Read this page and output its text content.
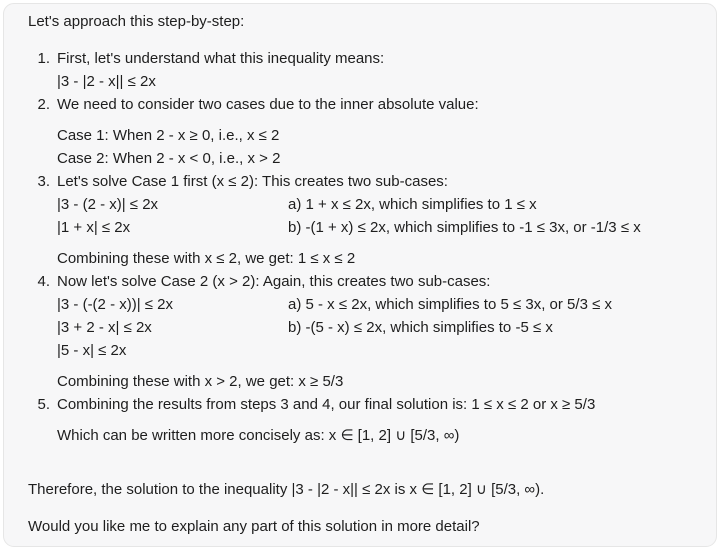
Let's approach this step-by-step:

1. First, let's understand what this inequality means:
|3 - |2 - x|| ≤ 2x
2. We need to consider two cases due to the inner absolute value:
Case 1: When 2 - x ≥ 0, i.e., x ≤ 2
Case 2: When 2 - x < 0, i.e., x > 2
3. Let's solve Case 1 first (x ≤ 2): This creates two sub-cases:
|3 - (2 - x)| ≤ 2x
|1 + x| ≤ 2x
a) 1 + x ≤ 2x, which simplifies to 1 ≤ x
b) -(1 + x) ≤ 2x, which simplifies to -1 ≤ 3x, or -1/3 ≤ x
Combining these with x ≤ 2, we get: 1 ≤ x ≤ 2
4. Now let's solve Case 2 (x > 2): Again, this creates two sub-cases:
|3 - (-(2 - x))| ≤ 2x
|3 + 2 - x| ≤ 2x
|5 - x| ≤ 2x
a) 5 - x ≤ 2x, which simplifies to 5 ≤ 3x, or 5/3 ≤ x
b) -(5 - x) ≤ 2x, which simplifies to -5 ≤ x
Combining these with x > 2, we get: x ≥ 5/3
5. Combining the results from steps 3 and 4, our final solution is: 1 ≤ x ≤ 2 or x ≥ 5/3
Which can be written more concisely as: x ∈ [1, 2] ∪ [5/3, ∞)

Therefore, the solution to the inequality |3 - |2 - x|| ≤ 2x is x ∈ [1, 2] ∪ [5/3, ∞).

Would you like me to explain any part of this solution in more detail?
